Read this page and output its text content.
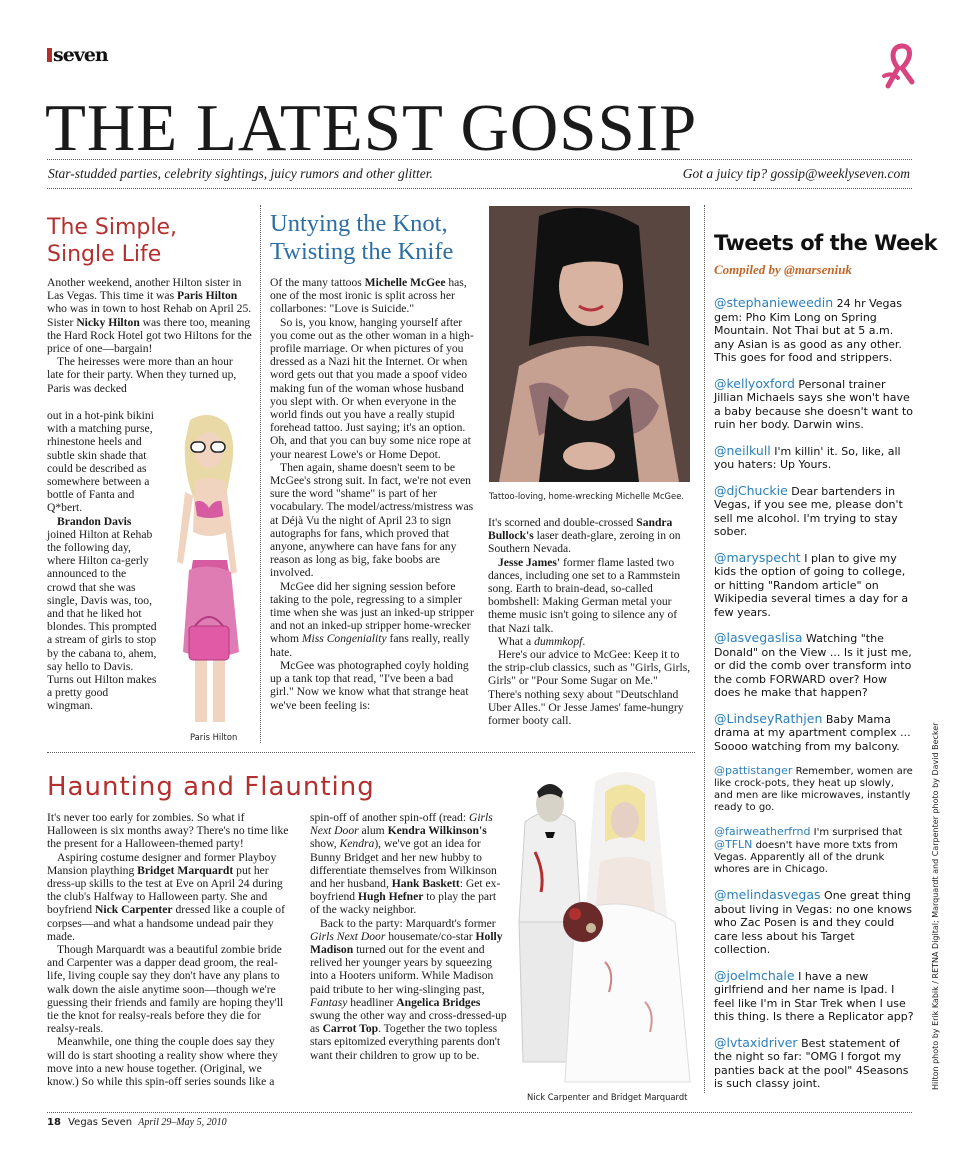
seven
THE LATEST GOSSIP
Star-studded parties, celebrity sightings, juicy rumors and other glitter.	Got a juicy tip? gossip@weeklyseven.com
The Simple,
Single Life

Another weekend, another Hilton sister in Las Vegas. This time it was Paris Hilton who was in town to host Rehab on April 25. Sister Nicky Hilton was there too, meaning the Hard Rock Hotel got two Hiltons for the price of one—bargain!

The heiresses were more than an hour late for their party. When they turned up, Paris was decked

out in a hot-pink bikini with a matching purse, rhinestone heels and subtle skin shade that could be described as somewhere between a bottle of Fanta and Q*bert.

Brandon Davis joined Hilton at Rehab the following day, where Hilton ca-gerly announced to the crowd that she was single, Davis was, too, and that he liked hot blondes. This prompted a stream of girls to stop by the cabana to, ahem, say hello to Davis. Turns out Hilton makes a pretty good wingman.

Paris Hilton
Untying the Knot,
Twisting the Knife

Of the many tattoos Michelle McGee has, one of the most ironic is split across her collarbones: "Love is Suicide."

So is, you know, hanging yourself after you come out as the other woman in a high-profile marriage. Or when pictures of you dressed as a Nazi hit the Internet. Or when word gets out that you made a spoof video making fun of the woman whose husband you slept with. Or when everyone in the world finds out you have a really stupid forehead tattoo. Just saying; it's an option. Oh, and that you can buy some nice rope at your nearest Lowe's or Home Depot.

Then again, shame doesn't seem to be McGee's strong suit. In fact, we're not even sure the word "shame" is part of her vocabulary. The model/actress/mistress was at Déjà Vu the night of April 23 to sign autographs for fans, which proved that anyone, anywhere can have fans for any reason as long as big, fake boobs are involved.

McGee did her signing session before taking to the pole, regressing to a simpler time when she was just an inked-up stripper and not an inked-up stripper home-wrecker whom Miss Congeniality fans really, really hate.

McGee was photographed coyly holding up a tank top that read, "I've been a bad girl." Now we know what that strange heat we've been feeling is:

Tattoo-loving, home-wrecking Michelle McGee.

It's scorned and double-crossed Sandra Bullock's laser death-glare, zeroing in on Southern Nevada.

Jesse James' former flame lasted two dances, including one set to a Rammstein song. Earth to brain-dead, so-called bombshell: Making German metal your theme music isn't going to silence any of that Nazi talk.

What a dummkopf.

Here's our advice to McGee: Keep it to the strip-club classics, such as "Girls, Girls, Girls" or "Pour Some Sugar on Me." There's nothing sexy about "Deutschland Uber Alles." Or Jesse James' fame-hungry former booty call.

Tweets of the Week
Compiled by @marseniuk
@stephanieweedin 24 hr Vegas gem: Pho Kim Long on Spring Mountain. Not Thai but at 5 a.m. any Asian is as good as any other. This goes for food and strippers.
@kellyoxford Personal trainer Jillian Michaels says she won't have a baby because she doesn't want to ruin her body. Darwin wins.
@neilkull I'm killin' it. So, like, all you haters: Up Yours.
@djChuckie Dear bartenders in Vegas, if you see me, please don't sell me alcohol. I'm trying to stay sober.
@maryspecht I plan to give my kids the option of going to college, or hitting "Random article" on Wikipedia several times a day for a few years.
@lasvegaslisa Watching "the Donald" on the View ... Is it just me, or did the comb over transform into the comb FORWARD over? How does he make that happen?
@LindseyRathjen Baby Mama drama at my apartment complex ... Soooo watching from my balcony.
@pattistanger Remember, women are like crock-pots, they heat up slowly, and men are like microwaves, instantly ready to go.
@fairweatherfrnd I'm surprised that @TFLN doesn't have more txts from Vegas. Apparently all of the drunk whores are in Chicago.
@melindasvegas One great thing about living in Vegas: no one knows who Zac Posen is and they could care less about his Target collection.
@joelmchale I have a new girlfriend and her name is Ipad. I feel like I'm in Star Trek when I use this thing. Is there a Replicator app?
@lvtaxidriver Best statement of the night so far: "OMG I forgot my panties back at the pool" 4Seasons is such classy joint.	Hilton photo by Erik Kabik / RETNA Digital; Marquardt and Carpenter photo by David Becker
Haunting and Flaunting

It's never too early for zombies. So what if Halloween is six months away? There's no time like the present for a Halloween-themed party!

Aspiring costume designer and former Playboy Mansion plaything Bridget Marquardt put her dress-up skills to the test at Eve on April 24 during the club's Halfway to Halloween party. She and boyfriend Nick Carpenter dressed like a couple of corpses—and what a handsome undead pair they made.

Though Marquardt was a beautiful zombie bride and Carpenter was a dapper dead groom, the real-life, living couple say they don't have any plans to walk down the aisle anytime soon—though we're guessing their friends and family are hoping they'll tie the knot for realsy-reals before they die for realsy-reals.

Meanwhile, one thing the couple does say they will do is start shooting a reality show where they move into a new house together. (Original, we know.) So while this spin-off series sounds like a

spin-off of another spin-off (read: Girls Next Door alum Kendra Wilkinson's show, Kendra), we've got an idea for Bunny Bridget and her new hubby to differentiate themselves from Wilkinson and her husband, Hank Baskett: Get ex-boyfriend Hugh Hefner to play the part of the wacky neighbor.

Back to the party: Marquardt's former Girls Next Door housemate/co-star Holly Madison turned out for the event and relived her younger years by squeezing into a Hooters uniform. While Madison paid tribute to her wing-slinging past, Fantasy headliner Angelica Bridges swung the other way and cross-dressed-up as Carrot Top. Together the two topless stars epitomized everything parents don't want their children to grow up to be.

Nick Carpenter and Bridget Marquardt
18 Vegas Seven April 29–May 5, 2010
